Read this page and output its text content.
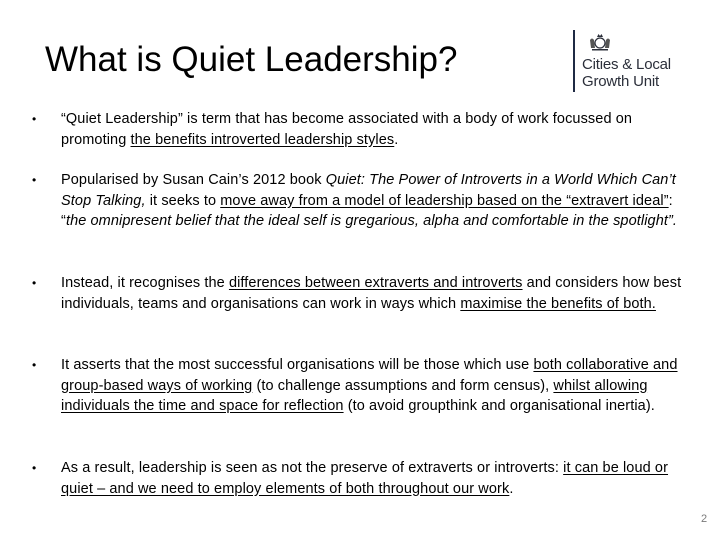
What is Quiet Leadership?	Cities & Local
Growth Unit
• “Quiet Leadership” is term that has become associated with a body of work focussed on promoting the benefits introverted leadership styles.
• Popularised by Susan Cain’s 2012 book Quiet: The Power of Introverts in a World Which Can’t Stop Talking, it seeks to move away from a model of leadership based on the “extravert ideal”: “the omnipresent belief that the ideal self is gregarious, alpha and comfortable in the spotlight”.
• Instead, it recognises the differences between extraverts and introverts and considers how best individuals, teams and organisations can work in ways which maximise the benefits of both.
• It asserts that the most successful organisations will be those which use both collaborative and group-based ways of working (to challenge assumptions and form census), whilst allowing individuals the time and space for reflection (to avoid groupthink and organisational inertia).
• As a result, leadership is seen as not the preserve of extraverts or introverts: it can be loud or quiet – and we need to employ elements of both throughout our work.
2
